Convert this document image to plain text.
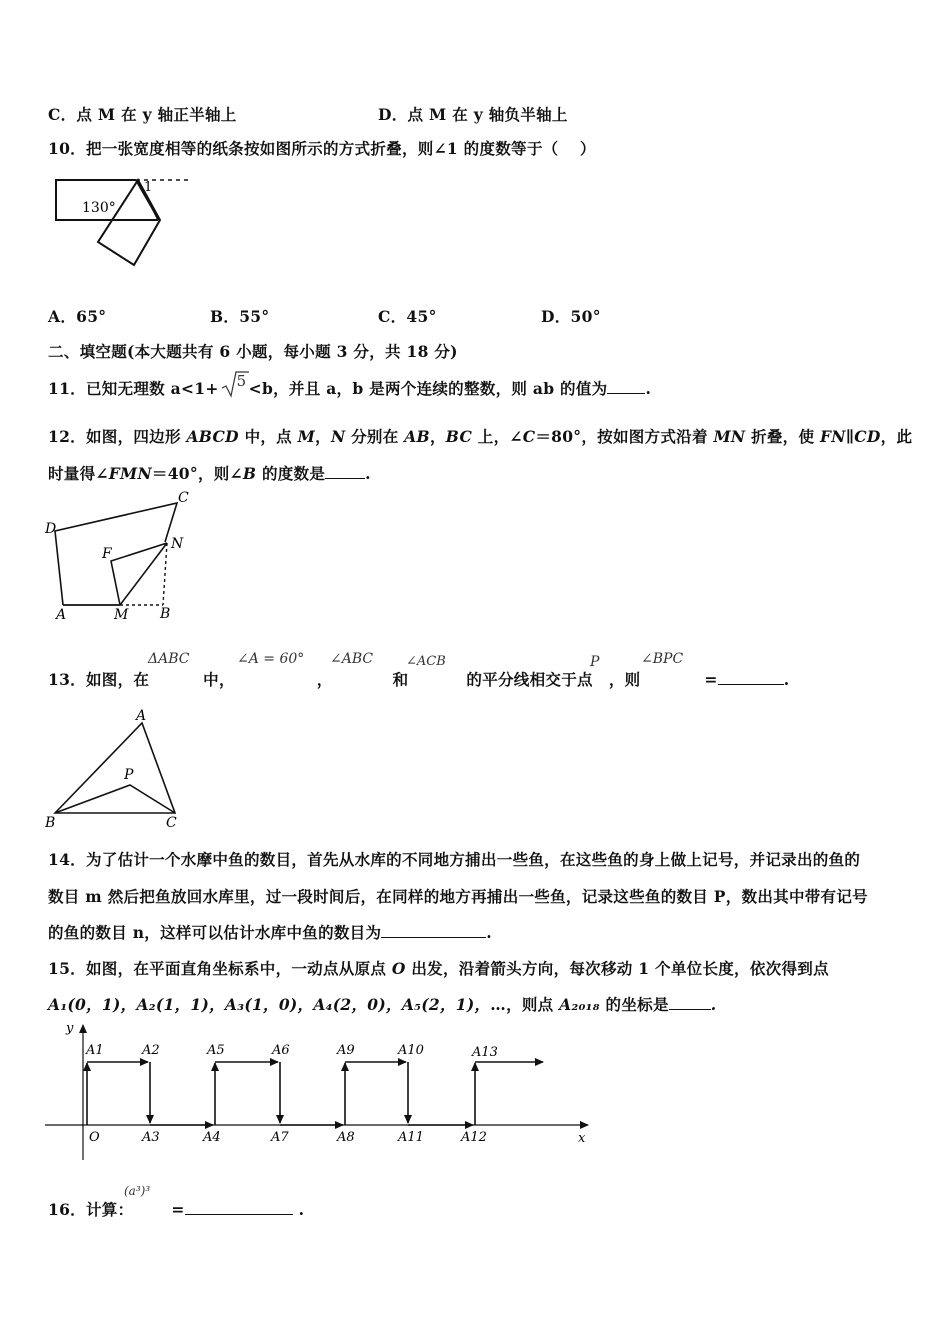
C．点 M 在 y 轴正半轴上	D．点 M 在 y 轴负半轴上
10．把一张宽度相等的纸条按如图所示的方式折叠，则∠1 的度数等于（　 ）
130°
1
A．65°	B．55°	C．45°	D．50°
二、填空题(本大题共有 6 小题，每小题 3 分，共 18 分)
11．已知无理数 a<1+ 5 <b，并且 a，b 是两个连续的整数，则 ab 的值为 .
12．如图，四边形 ABCD 中，点 M，N 分别在 AB，BC 上，∠C＝80°，按如图方式沿着 MN 折叠，使 FN∥CD，此
时量得∠FMN＝40°，则∠B 的度数是	.
D
C
F
N
A	M B
13．如图，在	中，	，	和	的平分线相交于点 ，则	=	.
ΔABC	∠A = 60° ∠ABC	∠ACB	P	∠BPC
A
P
B	C
14．为了估计一个水摩中鱼的数目，首先从水库的不同地方捕出一些鱼，在这些鱼的身上做上记号，并记录出的鱼的
数目 m 然后把鱼放回水库里，过一段时间后，在同样的地方再捕出一些鱼，记录这些鱼的数目 P，数出其中带有记号
的鱼的数目 n，这样可以估计水库中鱼的数目为	.
15．如图，在平面直角坐标系中，一动点从原点 O 出发，沿着箭头方向，每次移动 1 个单位长度，依次得到点
A₁(0，1)，A₂(1，1)，A₃(1，0)，A₄(2，0)，A₅(2，1)，…，则点 A₂₀₁₈ 的坐标是	.
y
x
O
A1	A2	A5	A6	A9	A10	A13
A3	A4	A7	A8	A11	A12
16．计算： =	.
(a³)³
